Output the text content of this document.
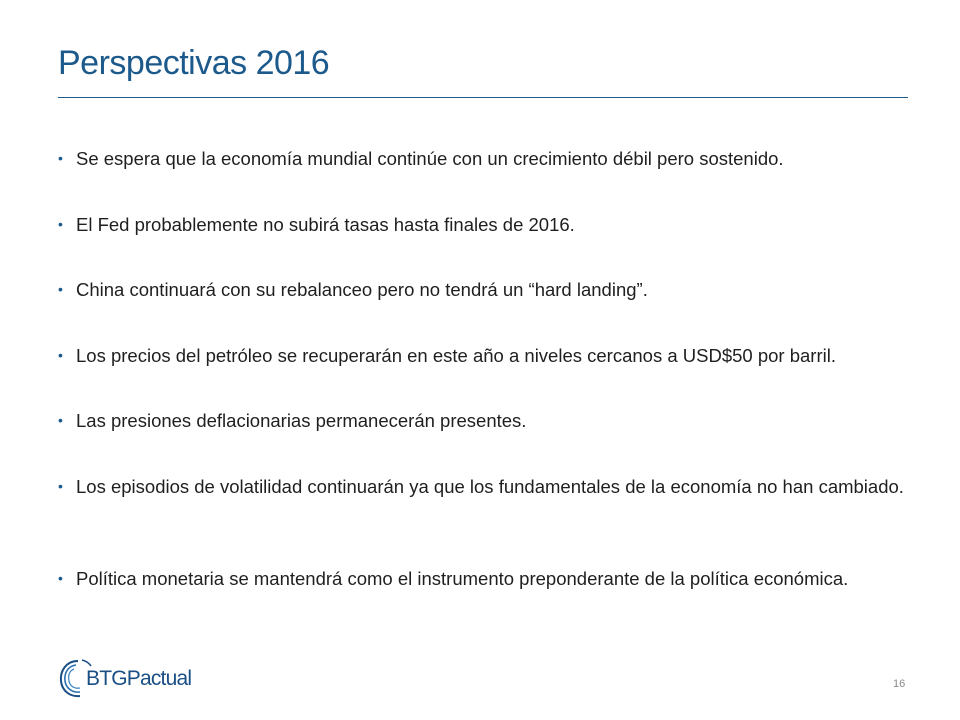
Perspectivas 2016
• Se espera que la economía mundial continúe con un crecimiento débil pero sostenido.
• El Fed probablemente no subirá tasas hasta finales de 2016.
• China continuará con su rebalanceo pero no tendrá un “hard landing”.
• Los precios del petróleo se recuperarán en este año a niveles cercanos a USD$50 por barril.
• Las presiones deflacionarias permanecerán presentes.
• Los episodios de volatilidad continuarán ya que los fundamentales de la economía no han cambiado.
• Política monetaria se mantendrá como el instrumento preponderante de la política económica.
BTGPactual	16
